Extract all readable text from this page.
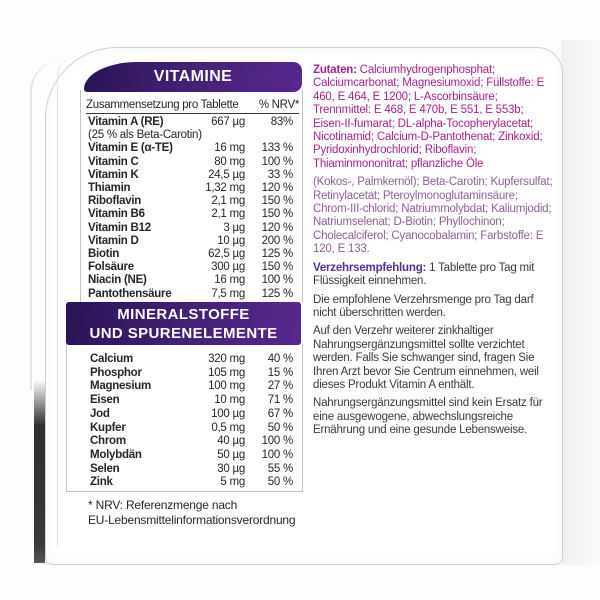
VITAMINE
Zusammensetzung pro Tablette % NRV*
Vitamin A (RE)	667 µg	83%
(25 % als Beta-Carotin)
Vitamin E (α-TE)	16 mg	133 %
Vitamin C	80 mg	100 %
Vitamin K	24,5 µg	33 %
Thiamin	1,32 mg	120 %
Riboflavin	2,1 mg	150 %
Vitamin B6	2,1 mg	150 %
Vitamin B12	3 µg	120 %
Vitamin D	10 µg	200 %
Biotin	62,5 µg	125 %
Folsäure	300 µg	150 %
Niacin (NE)	16 mg	100 %
Pantothensäure	7,5 mg	125 %
MINERALSTOFFE
UND SPURENELEMENTE
Calcium	320 mg	40 %
Phosphor	105 mg	15 %
Magnesium	100 mg	27 %
Eisen	10 mg	71 %
Jod	100 µg	67 %
Kupfer	0,5 mg	50 %
Chrom	40 µg	100 %
Molybdän	50 µg	100 %
Selen	30 µg	55 %
Zink	5 mg	50 %
* NRV: Referenzmenge nach
EU-Lebensmittelinformationsverordnung

Zutaten: Calciumhydrogenphosphat; Calciumcarbonat; Magnesiumoxid; Füllstoffe: E 460, E 464, E 1200; L-Ascorbinsäure; Trennmittel: E 468, E 470b, E 551, E 553b; Eisen-II-fumarat; DL-alpha-Tocopherylacetat; Nicotinamid; Calcium-D-Pantothenat; Zinkoxid; Pyridoxinhydrochlorid; Riboflavin; Thiaminmononitrat; pflanzliche Öle

(Kokos-, Palmkernöl); Beta-Carotin; Kupfersulfat; Retinylacetat; Pteroylmonoglutaminsäure; Chrom-III-chlorid; Natriummolybdat; Kaliumjodid; Natriumselenat; D-Biotin; Phyllochinon; Cholecalciferol; Cyanocobalamin; Farbstoffe: E 120, E 133.

Verzehrsempfehlung: 1 Tablette pro Tag mit Flüssigkeit einnehmen.

Die empfohlene Verzehrsmenge pro Tag darf nicht überschritten werden.

Auf den Verzehr weiterer zinkhaltiger Nahrungsergänzungsmittel sollte verzichtet werden. Falls Sie schwanger sind, fragen Sie Ihren Arzt bevor Sie Centrum einnehmen, weil dieses Produkt Vitamin A enthält.

Nahrungsergänzungsmittel sind kein Ersatz für eine ausgewogene, abwechslungsreiche Ernährung und eine gesunde Lebensweise.
